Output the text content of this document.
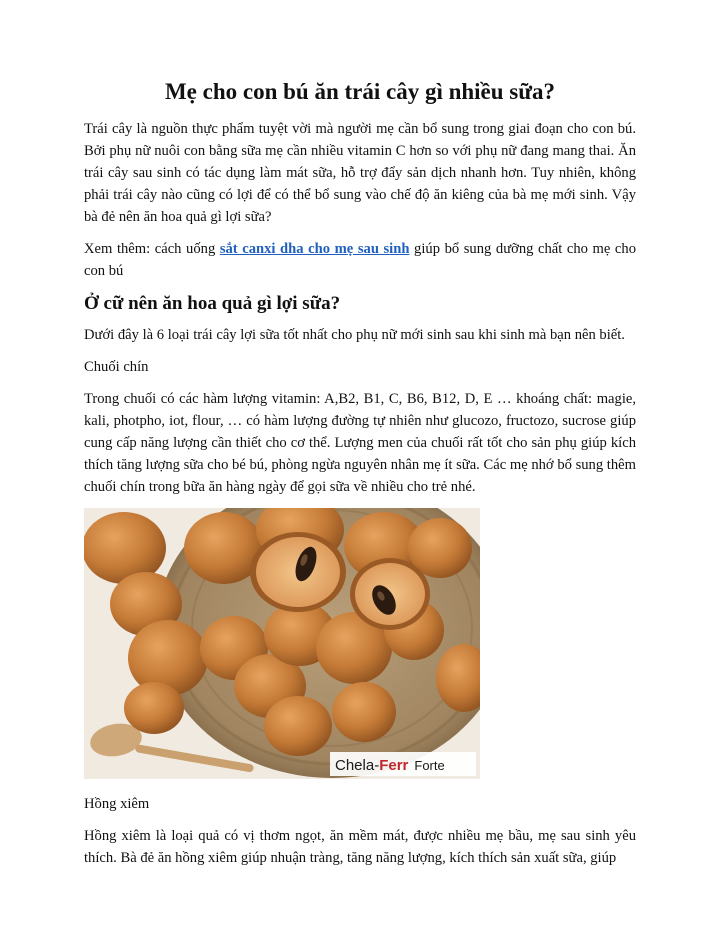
Mẹ cho con bú ăn trái cây gì nhiều sữa?

Trái cây là nguồn thực phẩm tuyệt vời mà người mẹ cần bổ sung trong giai đoạn cho con bú. Bởi phụ nữ nuôi con bằng sữa mẹ cần nhiều vitamin C hơn so với phụ nữ đang mang thai. Ăn trái cây sau sinh có tác dụng làm mát sữa, hỗ trợ đẩy sản dịch nhanh hơn. Tuy nhiên, không phải trái cây nào cũng có lợi để có thể bổ sung vào chế độ ăn kiêng của bà mẹ mới sinh. Vậy bà đẻ nên ăn hoa quả gì lợi sữa?

Xem thêm: cách uống sắt canxi dha cho mẹ sau sinh giúp bổ sung dưỡng chất cho mẹ cho con bú

Ở cữ nên ăn hoa quả gì lợi sữa?

Dưới đây là 6 loại trái cây lợi sữa tốt nhất cho phụ nữ mới sinh sau khi sinh mà bạn nên biết.

Chuối chín

Trong chuối có các hàm lượng vitamin: A,B2, B1, C, B6, B12, D, E … khoáng chất: magie, kali, photpho, iot, flour, … có hàm lượng đường tự nhiên như glucozo, fructozo, sucrose giúp cung cấp năng lượng cần thiết cho cơ thể. Lượng men của chuối rất tốt cho sản phụ giúp kích thích tăng lượng sữa cho bé bú, phòng ngừa nguyên nhân mẹ ít sữa. Các mẹ nhớ bổ sung thêm chuối chín trong bữa ăn hàng ngày để gọi sữa về nhiều cho trẻ nhé.

Chela-Ferr Forte

Hồng xiêm

Hồng xiêm là loại quả có vị thơm ngọt, ăn mềm mát, được nhiều mẹ bầu, mẹ sau sinh yêu thích. Bà đẻ ăn hồng xiêm giúp nhuận tràng, tăng năng lượng, kích thích sản xuất sữa, giúp
